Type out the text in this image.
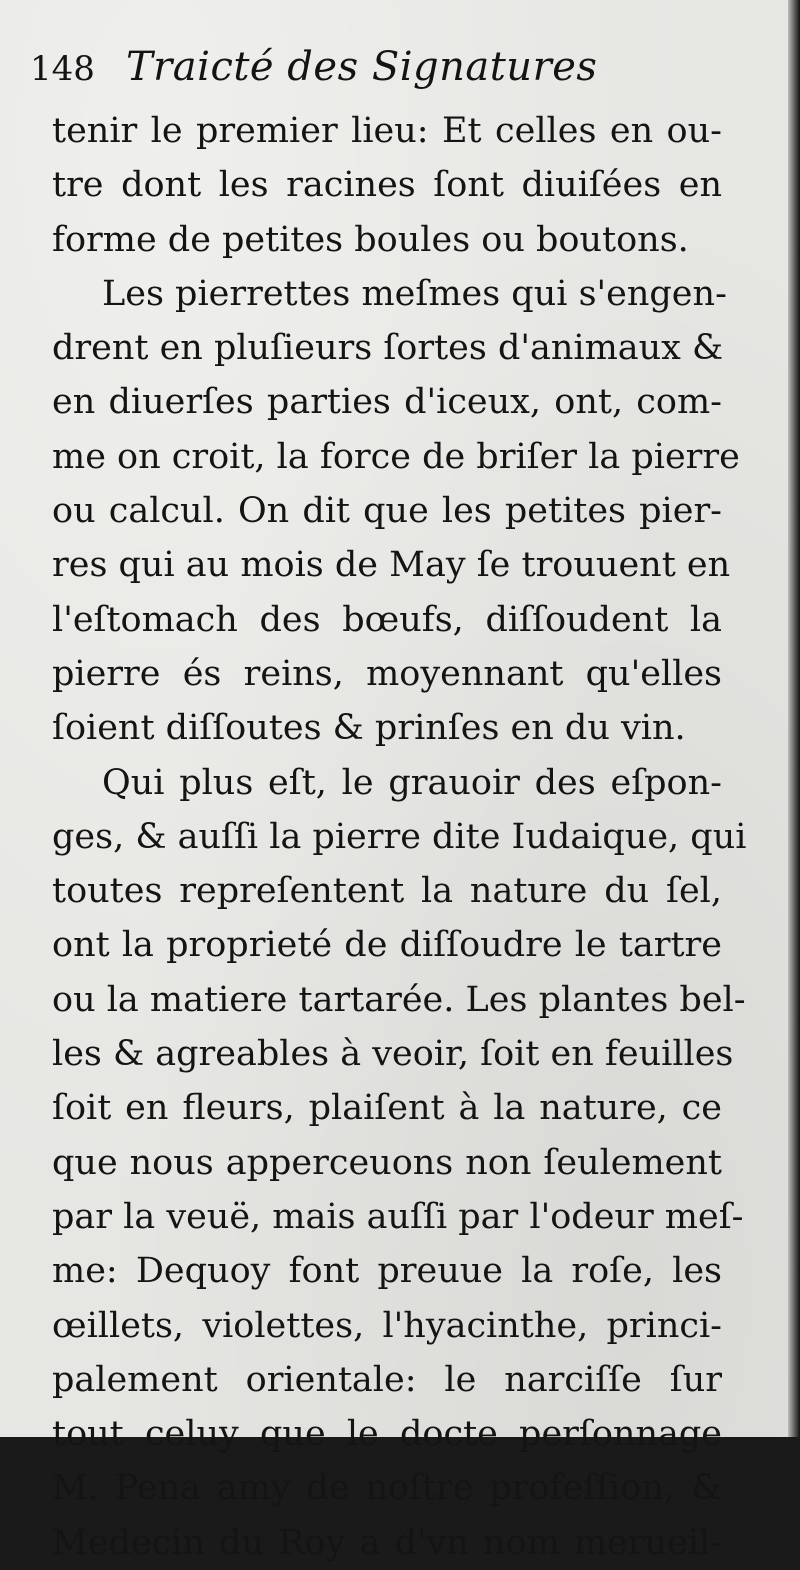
148 Traicté des Signatures
tenir le premier lieu: Et celles en ou-
tre dont les racines ſont diuiſées en
forme de petites boules ou boutons.
Les pierrettes meſmes qui s'engen-
drent en pluſieurs ſortes d'animaux &
en diuerſes parties d'iceux, ont, com-
me on croit, la force de briſer la pierre
ou calcul. On dit que les petites pier-
res qui au mois de May ſe trouuent en
l'eſtomach des bœufs, diſſoudent la
pierre és reins, moyennant qu'elles
ſoient diſſoutes & prinſes en du vin.
Qui plus eſt, le grauoir des eſpon-
ges, & auſſi la pierre dite Iudaique, qui
toutes repreſentent la nature du ſel,
ont la proprieté de diſſoudre le tartre
ou la matiere tartarée. Les plantes bel-
les & agreables à veoir, ſoit en feuilles
ſoit en fleurs, plaiſent à la nature, ce
que nous apperceuons non ſeulement
par la veuë, mais auſſi par l'odeur meſ-
me: Dequoy font preuue la roſe, les
œillets, violettes, l'hyacinthe, princi-
palement orientale: le narciſſe ſur
tout celuy que le docte perſonnage
M. Pena amy de noſtre profeſſion, &
Medecin du Roy a d'vn nom merueil-
